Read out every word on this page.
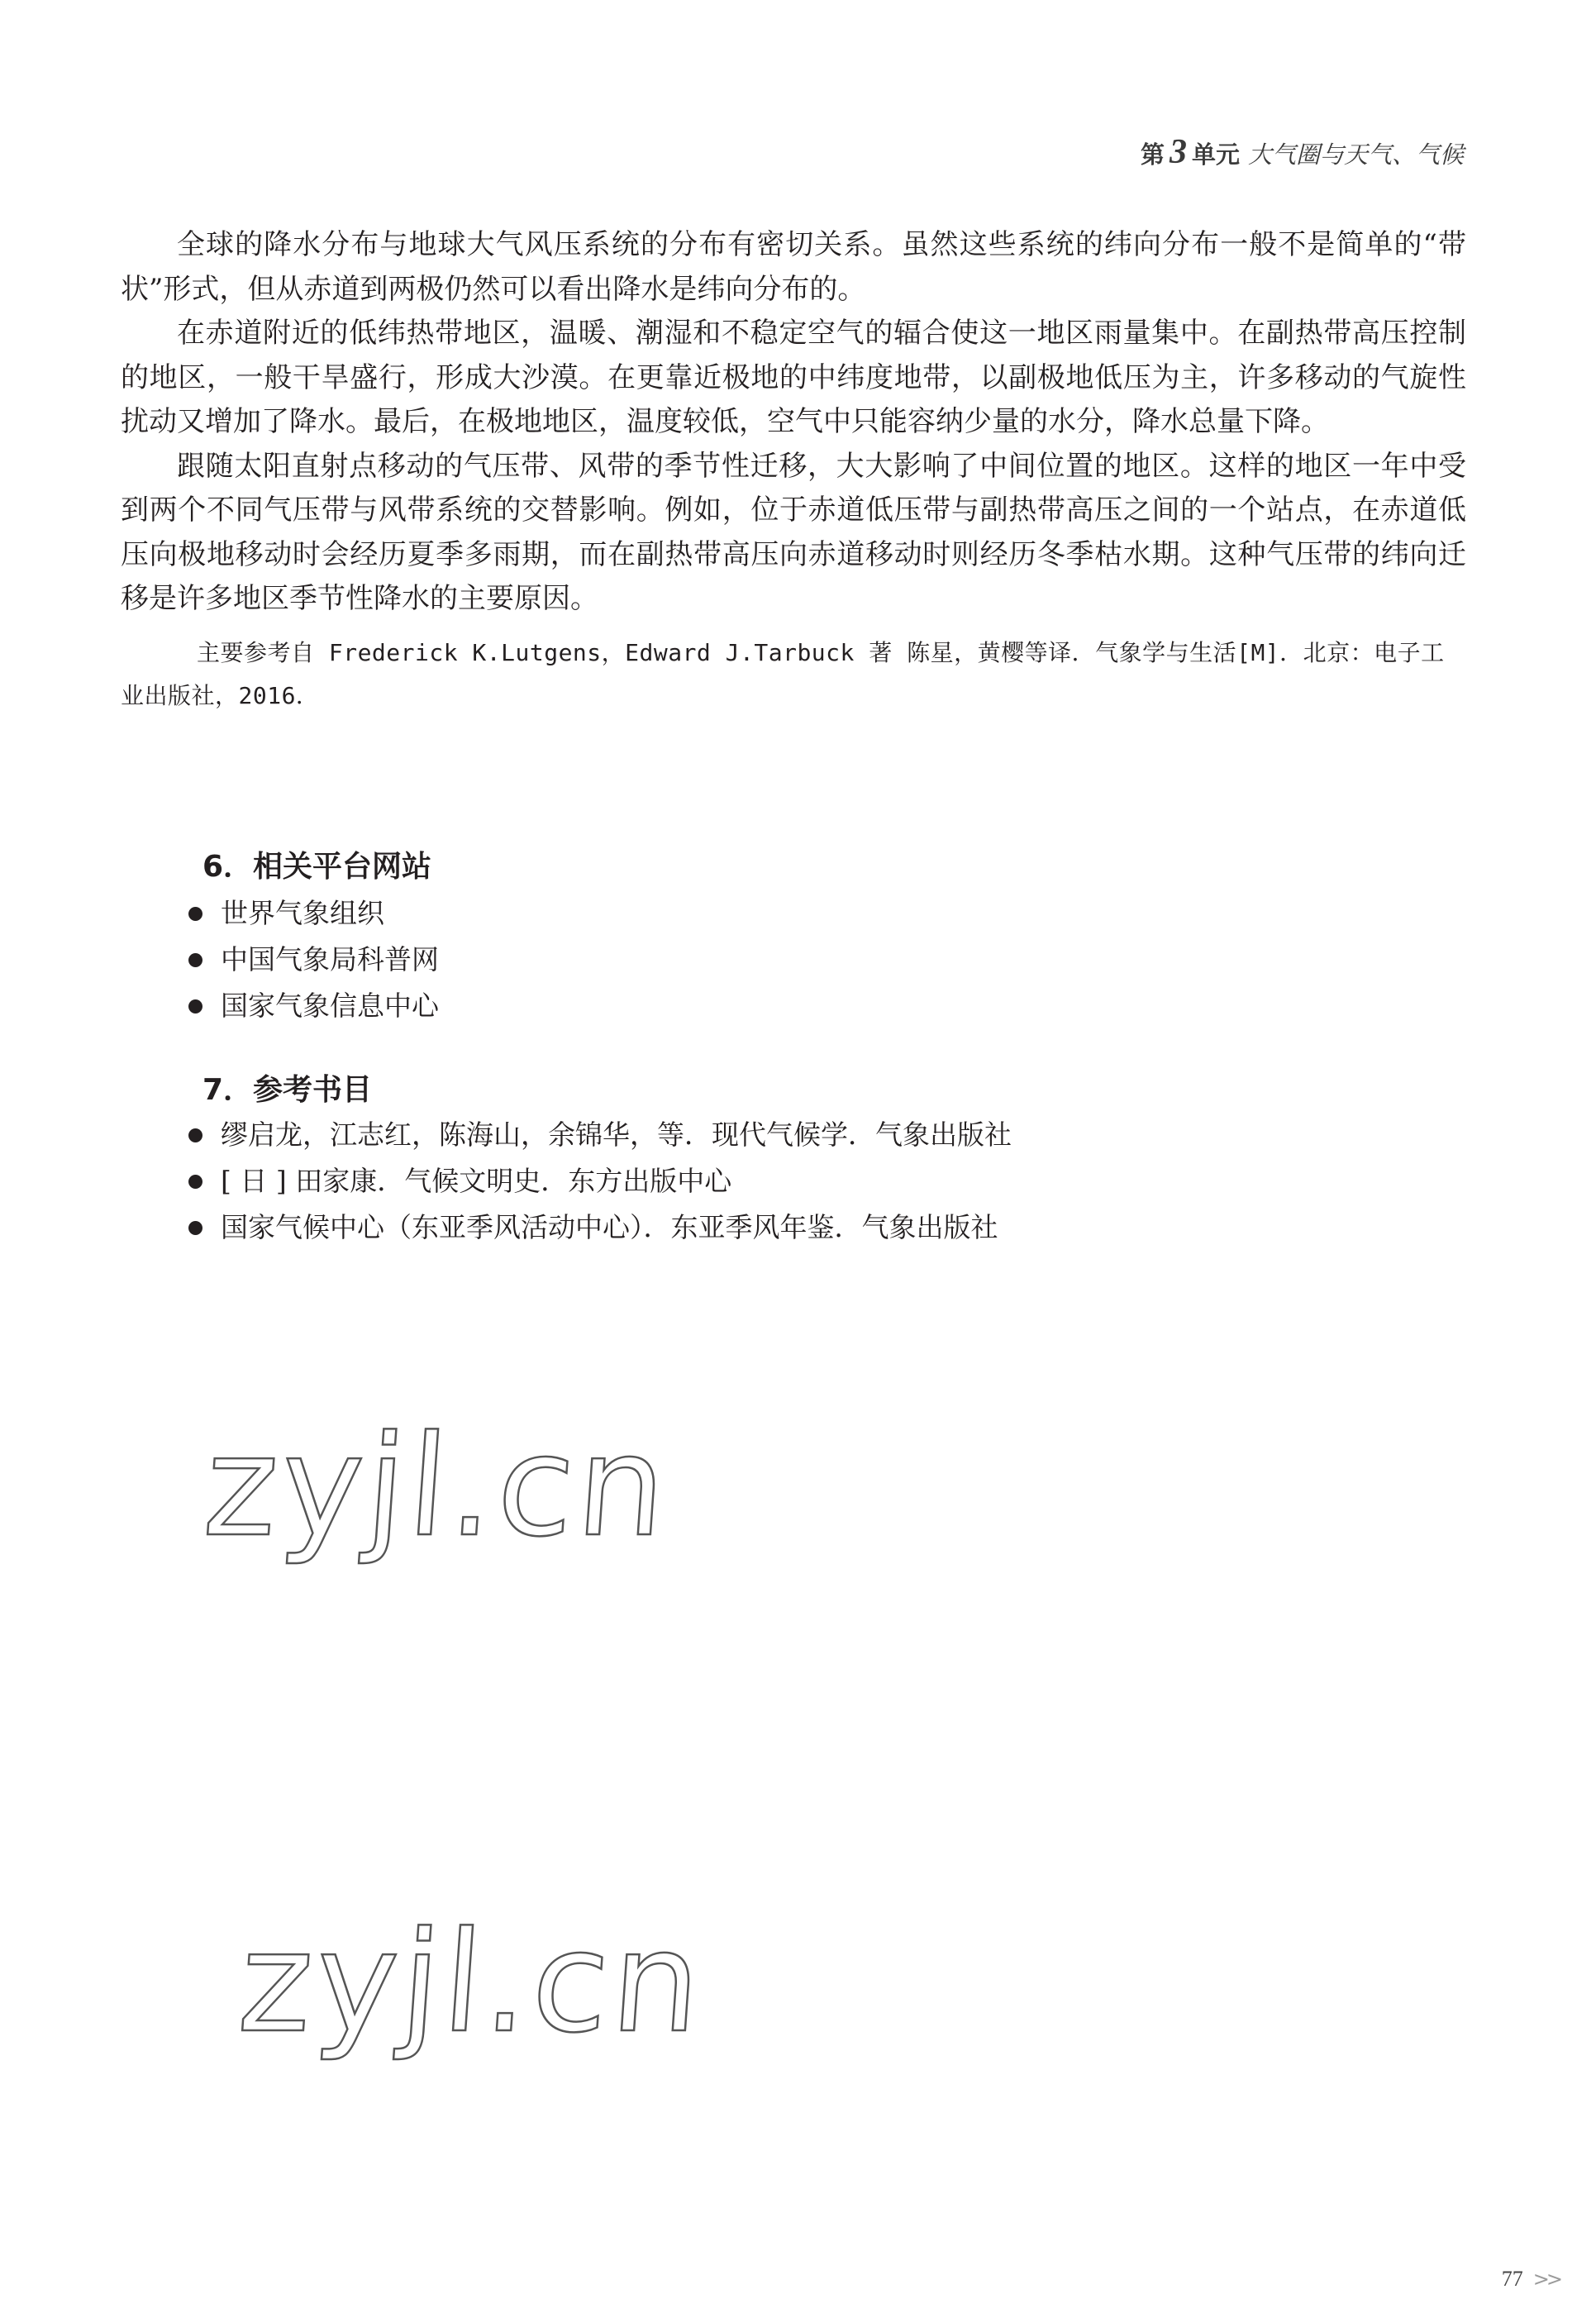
第 3 单元 大气圈与天气、气候

全球的降水分布与地球大气风压系统的分布有密切关系。虽然这些系统的纬向分布一般不是简单的“带状”形式，但从赤道到两极仍然可以看出降水是纬向分布的。

在赤道附近的低纬热带地区，温暖、潮湿和不稳定空气的辐合使这一地区雨量集中。在副热带高压控制的地区，一般干旱盛行，形成大沙漠。在更靠近极地的中纬度地带，以副极地低压为主，许多移动的气旋性扰动又增加了降水。最后，在极地地区，温度较低，空气中只能容纳少量的水分，降水总量下降。

跟随太阳直射点移动的气压带、风带的季节性迁移，大大影响了中间位置的地区。这样的地区一年中受到两个不同气压带与风带系统的交替影响。例如，位于赤道低压带与副热带高压之间的一个站点，在赤道低压向极地移动时会经历夏季多雨期，而在副热带高压向赤道移动时则经历冬季枯水期。这种气压带的纬向迁移是许多地区季节性降水的主要原因。

主要参考自 Frederick K.Lutgens，Edward J.Tarbuck 著 陈星，黄樱等译．气象学与生活[M]．北京：电子工业出版社，2016．

6．相关平台网站
世界气象组织
中国气象局科普网
国家气象信息中心
7．参考书目
缪启龙，江志红，陈海山，余锦华，等．现代气候学．气象出版社
[ 日 ] 田家康．气候文明史．东方出版中心
国家气候中心（东亚季风活动中心）．东亚季风年鉴．气象出版社
zyjl.cn
zyjl.cn
77 >>
